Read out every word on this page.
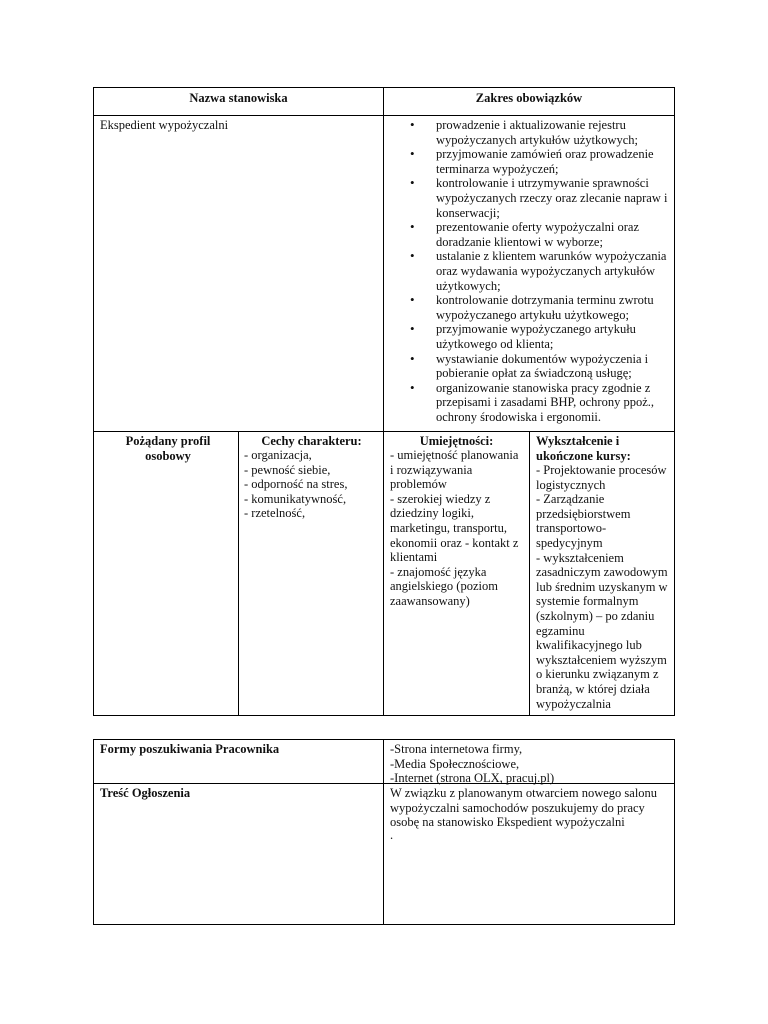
Nazwa stanowiska	Zakres obowiązków
Ekspedient wypożyczalni
•	prowadzenie i aktualizowanie rejestru wypożyczanych artykułów użytkowych;
• przyjmowanie zamówień oraz prowadzenie terminarza wypożyczeń;
• kontrolowanie i utrzymywanie sprawności wypożyczanych rzeczy oraz zlecanie napraw i konserwacji;
• prezentowanie oferty wypożyczalni oraz doradzanie klientowi w wyborze;
• ustalanie z klientem warunków wypożyczania oraz wydawania wypożyczanych artykułów użytkowych;
• kontrolowanie dotrzymania terminu zwrotu wypożyczanego artykułu użytkowego;
• przyjmowanie wypożyczanego artykułu użytkowego od klienta;
• wystawianie dokumentów wypożyczenia i pobieranie opłat za świadczoną usługę;
• organizowanie stanowiska pracy zgodnie z przepisami i zasadami BHP, ochrony ppoż., ochrony środowiska i ergonomii.
Pożądany profil osobowy
Cechy charakteru:
- organizacja,
- pewność siebie,
- odporność na stres,
- komunikatywność,
- rzetelność,
Umiejętności:
- umiejętność planowania i rozwiązywania problemów
- szerokiej wiedzy z dziedziny logiki, marketingu, transportu, ekonomii oraz - kontakt z klientami
- znajomość języka angielskiego (poziom zaawansowany)
Wykształcenie i ukończone kursy:
- Projektowanie procesów logistycznych
- Zarządzanie przedsiębiorstwem transportowo-spedycyjnym
- wykształceniem zasadniczym zawodowym lub średnim uzyskanym w systemie formalnym (szkolnym) – po zdaniu egzaminu kwalifikacyjnego lub wykształceniem wyższym o kierunku związanym z branżą, w której działa wypożyczalnia
Formy poszukiwania Pracownika	-Strona internetowa firmy,
-Media Społecznościowe,
-Internet (strona OLX, pracuj.pl)
Treść Ogłoszenia	W związku z planowanym otwarciem nowego salonu wypożyczalni samochodów poszukujemy do pracy osobę na stanowisko Ekspedient wypożyczalni
.
